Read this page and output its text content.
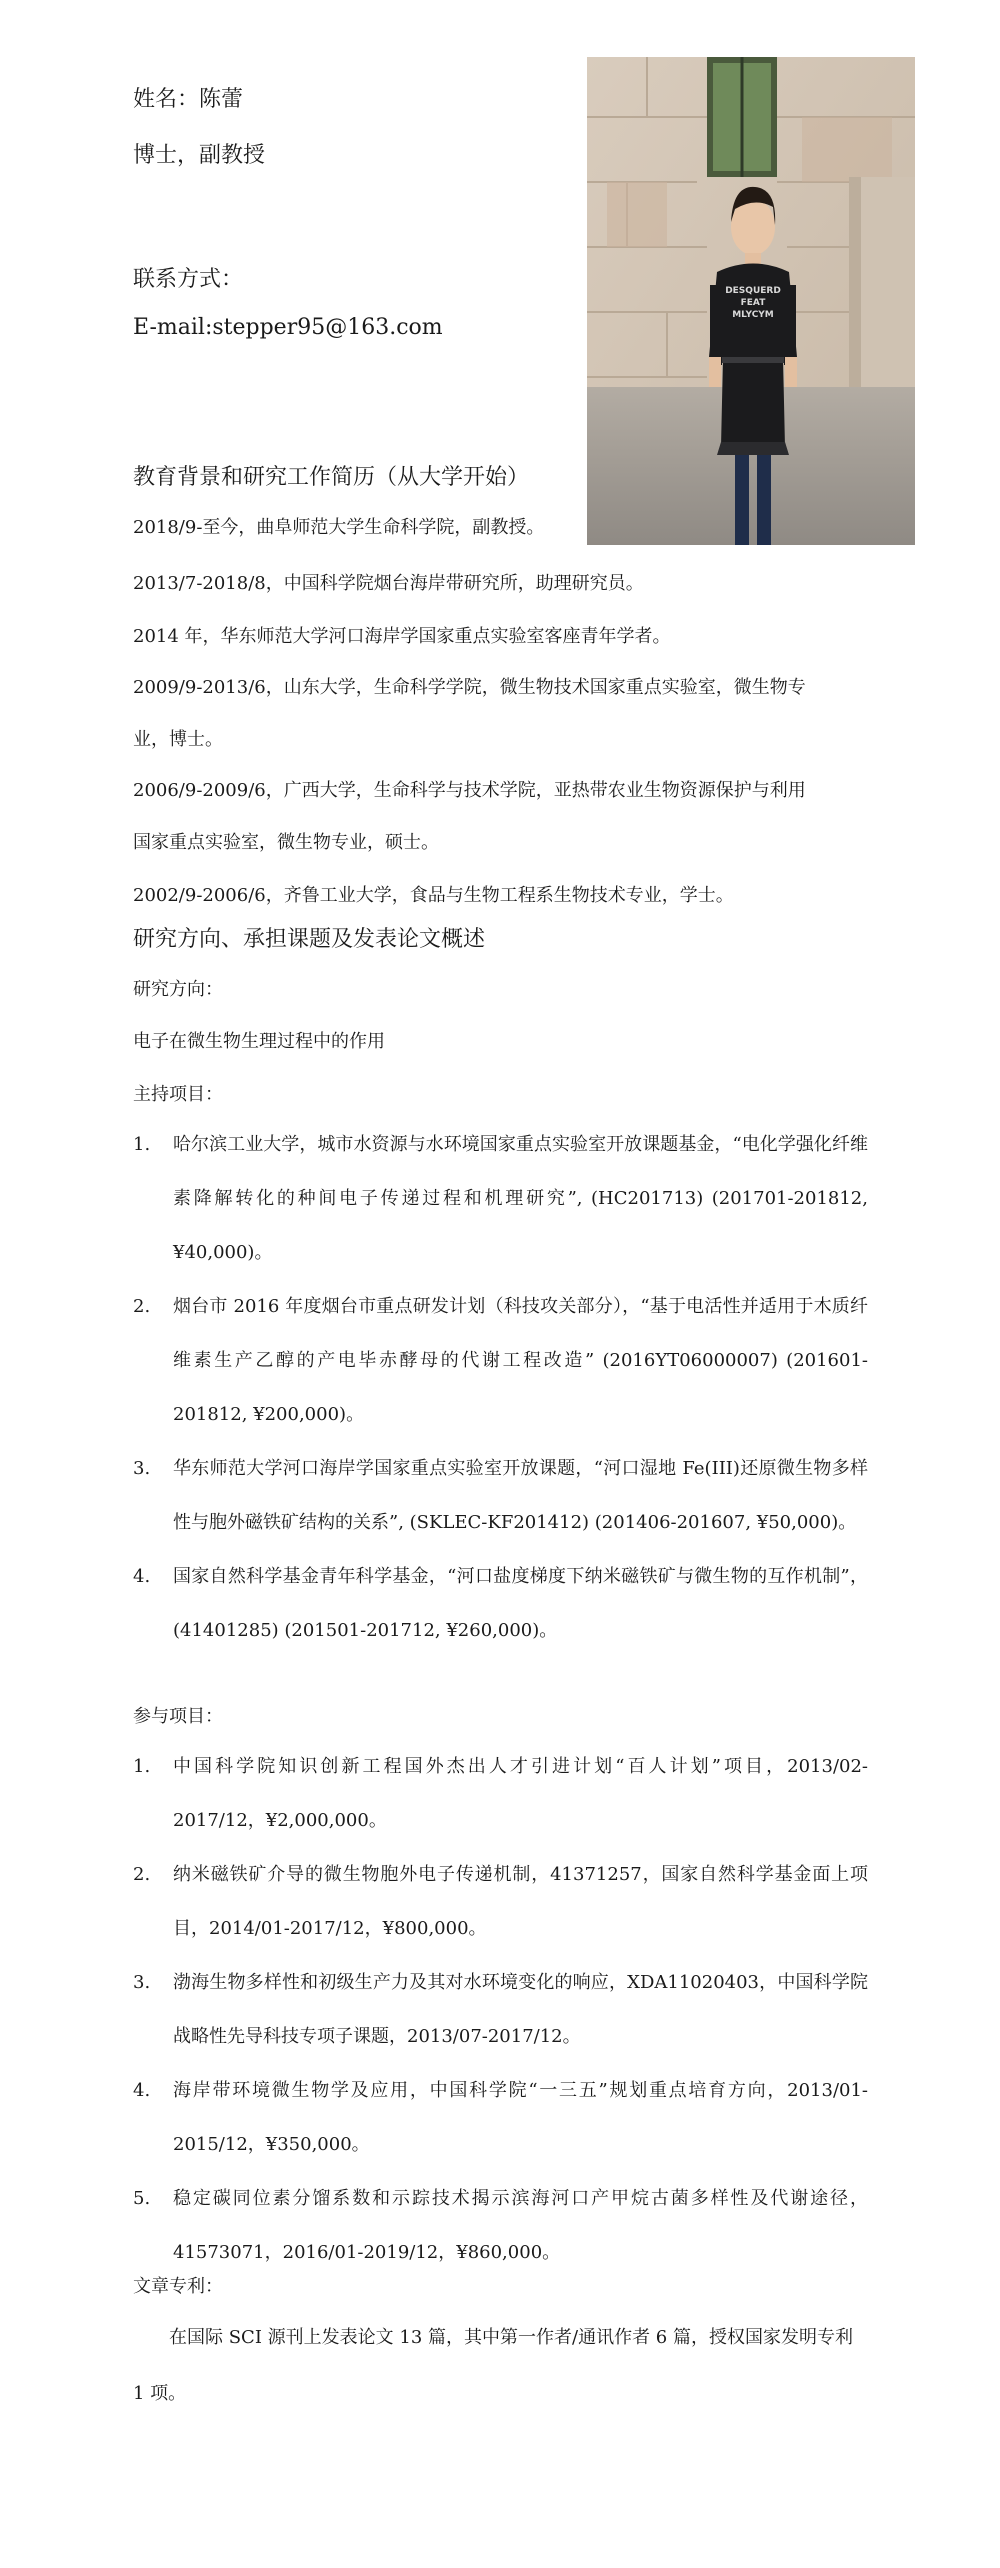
姓名：陈蕾
博士，副教授
联系方式：
E-mail:stepper95@163.com
DESQUERD
FEAT
MLYCYM
教育背景和研究工作简历（从大学开始）
2018/9-至今，曲阜师范大学生命科学院，副教授。
2013/7-2018/8，中国科学院烟台海岸带研究所，助理研究员。
2014 年，华东师范大学河口海岸学国家重点实验室客座青年学者。
2009/9-2013/6，山东大学，生命科学学院，微生物技术国家重点实验室，微生物专
业，博士。
2006/9-2009/6，广西大学，生命科学与技术学院，亚热带农业生物资源保护与利用
国家重点实验室，微生物专业，硕士。
2002/9-2006/6，齐鲁工业大学，食品与生物工程系生物技术专业，学士。
研究方向、承担课题及发表论文概述
研究方向：
电子在微生物生理过程中的作用
主持项目：
1. 哈尔滨工业大学，城市水资源与水环境国家重点实验室开放课题基金，“电化学强化纤维素降解转化的种间电子传递过程和机理研究”, (HC201713) (201701-201812, ¥40,000)。
2. 烟台市 2016 年度烟台市重点研发计划（科技攻关部分），“基于电活性并适用于木质纤维素生产乙醇的产电毕赤酵母的代谢工程改造” (2016YT06000007) (201601-201812, ¥200,000)。
3. 华东师范大学河口海岸学国家重点实验室开放课题，“河口湿地 Fe(III)还原微生物多样性与胞外磁铁矿结构的关系”, (SKLEC-KF201412) (201406-201607, ¥50,000)。
4. 国家自然科学基金青年科学基金，“河口盐度梯度下纳米磁铁矿与微生物的互作机制”，(41401285) (201501-201712, ¥260,000)。
参与项目：
1. 中国科学院知识创新工程国外杰出人才引进计划“百人计划”项目，2013/02-2017/12，¥2,000,000。
2. 纳米磁铁矿介导的微生物胞外电子传递机制，41371257，国家自然科学基金面上项目，2014/01-2017/12，¥800,000。
3. 渤海生物多样性和初级生产力及其对水环境变化的响应，XDA11020403，中国科学院战略性先导科技专项子课题，2013/07-2017/12。
4. 海岸带环境微生物学及应用，中国科学院“一三五”规划重点培育方向，2013/01-2015/12，¥350,000。
5. 稳定碳同位素分馏系数和示踪技术揭示滨海河口产甲烷古菌多样性及代谢途径，41573071，2016/01-2019/12，¥860,000。
文章专利：
在国际 SCI 源刊上发表论文 13 篇，其中第一作者/通讯作者 6 篇，授权国家发明专利 1 项。
